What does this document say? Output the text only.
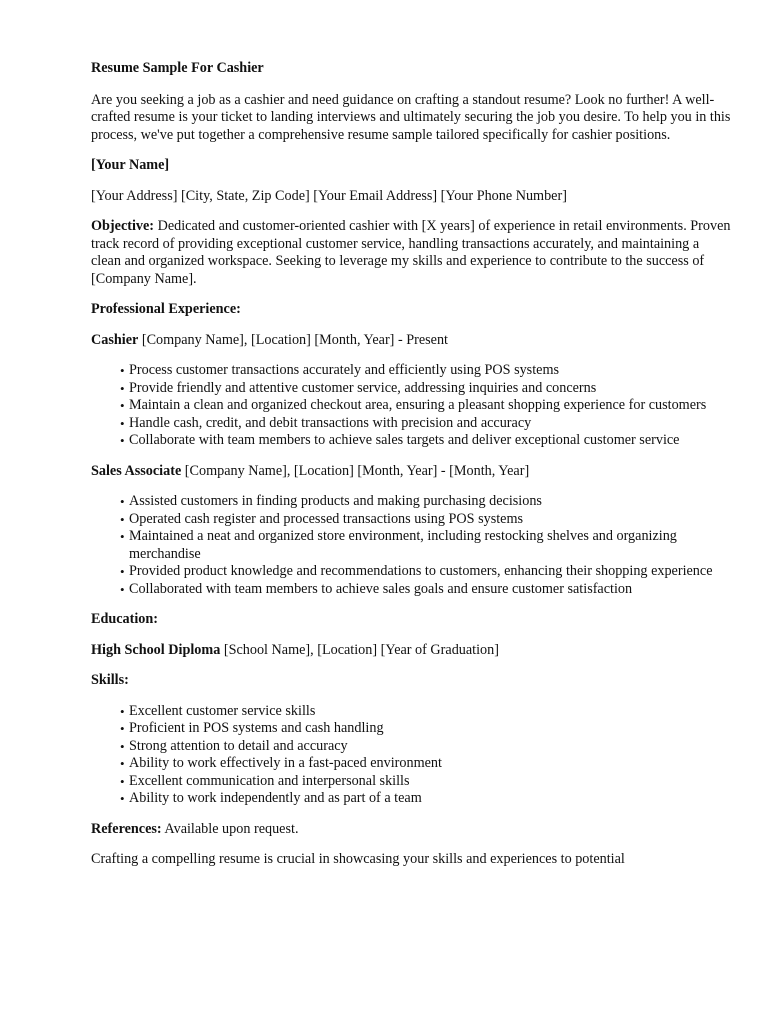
Resume Sample For Cashier

Are you seeking a job as a cashier and need guidance on crafting a standout resume? Look no further! A well-crafted resume is your ticket to landing interviews and ultimately securing the job you desire. To help you in this process, we've put together a comprehensive resume sample tailored specifically for cashier positions.

[Your Name]

[Your Address] [City, State, Zip Code] [Your Email Address] [Your Phone Number]

Objective: Dedicated and customer-oriented cashier with [X years] of experience in retail environments. Proven track record of providing exceptional customer service, handling transactions accurately, and maintaining a clean and organized workspace. Seeking to leverage my skills and experience to contribute to the success of [Company Name].

Professional Experience:

Cashier [Company Name], [Location] [Month, Year] - Present

• Process customer transactions accurately and efficiently using POS systems
• Provide friendly and attentive customer service, addressing inquiries and concerns
• Maintain a clean and organized checkout area, ensuring a pleasant shopping experience for customers
• Handle cash, credit, and debit transactions with precision and accuracy
• Collaborate with team members to achieve sales targets and deliver exceptional customer service

Sales Associate [Company Name], [Location] [Month, Year] - [Month, Year]

• Assisted customers in finding products and making purchasing decisions
• Operated cash register and processed transactions using POS systems
• Maintained a neat and organized store environment, including restocking shelves and organizing merchandise
• Provided product knowledge and recommendations to customers, enhancing their shopping experience
• Collaborated with team members to achieve sales goals and ensure customer satisfaction

Education:

High School Diploma [School Name], [Location] [Year of Graduation]

Skills:

• Excellent customer service skills
• Proficient in POS systems and cash handling
• Strong attention to detail and accuracy
• Ability to work effectively in a fast-paced environment
• Excellent communication and interpersonal skills
• Ability to work independently and as part of a team

References: Available upon request.

Crafting a compelling resume is crucial in showcasing your skills and experiences to potential
